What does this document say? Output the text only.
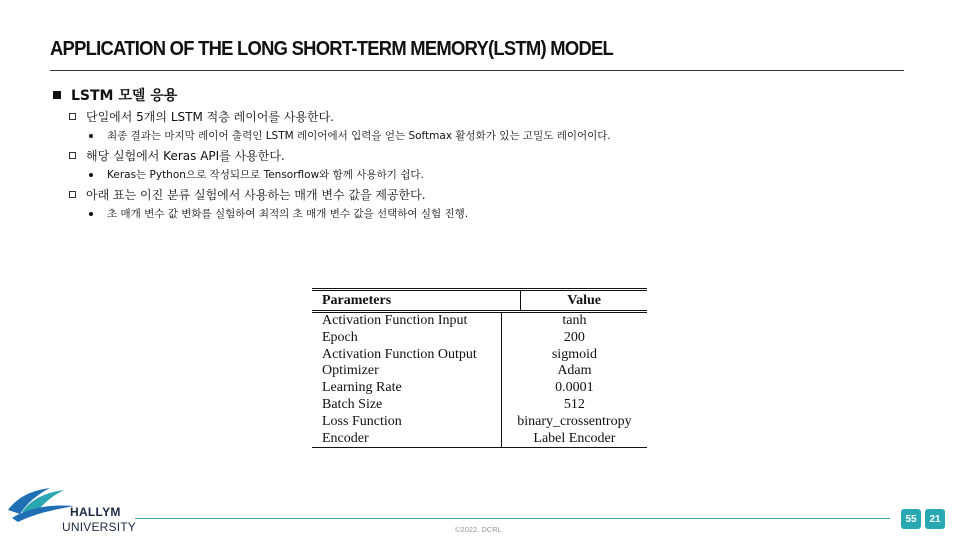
APPLICATION OF THE LONG SHORT-TERM MEMORY(LSTM) MODEL
LSTM 모델 응용
단일에서 5개의 LSTM 적층 레이어를 사용한다.
최종 결과는 마지막 레이어 출력인 LSTM 레이어에서 입력을 얻는 Softmax 활성화가 있는 고밀도 레이어이다.
해당 실험에서 Keras API를 사용한다.
Keras는 Python으로 작성되므로 Tensorflow와 함께 사용하기 쉽다.
아래 표는 이진 분류 실험에서 사용하는 매개 변수 값을 제공한다.
초 매개 변수 값 변화를 실험하여 최적의 초 매개 변수 값을 선택하여 실험 진행.
Parameters	Value
Activation Function Input	tanh
Epoch	200
Activation Function Output	sigmoid
Optimizer	Adam
Learning Rate	0.0001
Batch Size	512
Loss Function	binary_crossentropy
Encoder	Label Encoder
HALLYM
UNIVERSITY	©2022. DCRL
55	21
